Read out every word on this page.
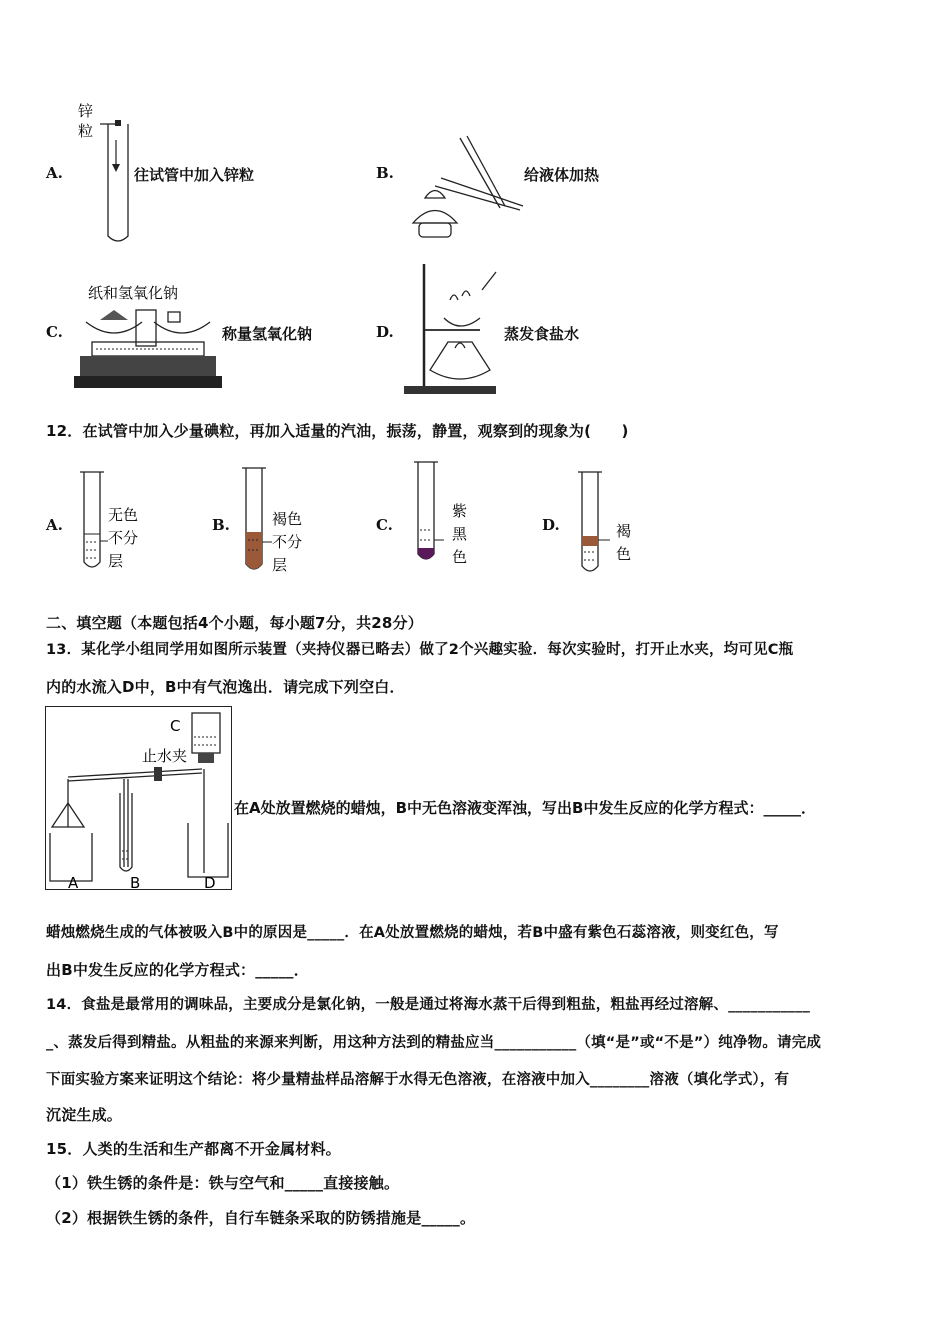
A.
锌
粒
往试管中加入锌粒	B.	给液体加热
C.
纸和氢氧化钠
称量氢氧化钠	D.	蒸发食盐水
12．在试管中加入少量碘粒，再加入适量的汽油，振荡，静置，观察到的现象为(　　)
A.
无色
不分
层
B.	褐色
不分
层
C.
紫
黑
色
D.	褐
色
二、填空题（本题包括4个小题，每小题7分，共28分）
13．某化学小组同学用如图所示装置（夹持仪器已略去）做了2个兴趣实验．每次实验时，打开止水夹，均可见C瓶
内的水流入D中，B中有气泡逸出．请完成下列空白．
C
止水夹
A	B	D
在A处放置燃烧的蜡烛，B中无色溶液变浑浊，写出B中发生反应的化学方程式：_____．
蜡烛燃烧生成的气体被吸入B中的原因是_____．在A处放置燃烧的蜡烛，若B中盛有紫色石蕊溶液，则变红色，写
出B中发生反应的化学方程式：_____．
14．食盐是最常用的调味品，主要成分是氯化钠，一般是通过将海水蒸干后得到粗盐，粗盐再经过溶解、___________
_、蒸发后得到精盐。从粗盐的来源来判断，用这种方法到的精盐应当___________（填“是”或“不是”）纯净物。请完成
下面实验方案来证明这个结论：将少量精盐样品溶解于水得无色溶液，在溶液中加入________溶液（填化学式），有
沉淀生成。
15．人类的生活和生产都离不开金属材料。
（1）铁生锈的条件是：铁与空气和_____直接接触。
（2）根据铁生锈的条件，自行车链条采取的防锈措施是_____。
